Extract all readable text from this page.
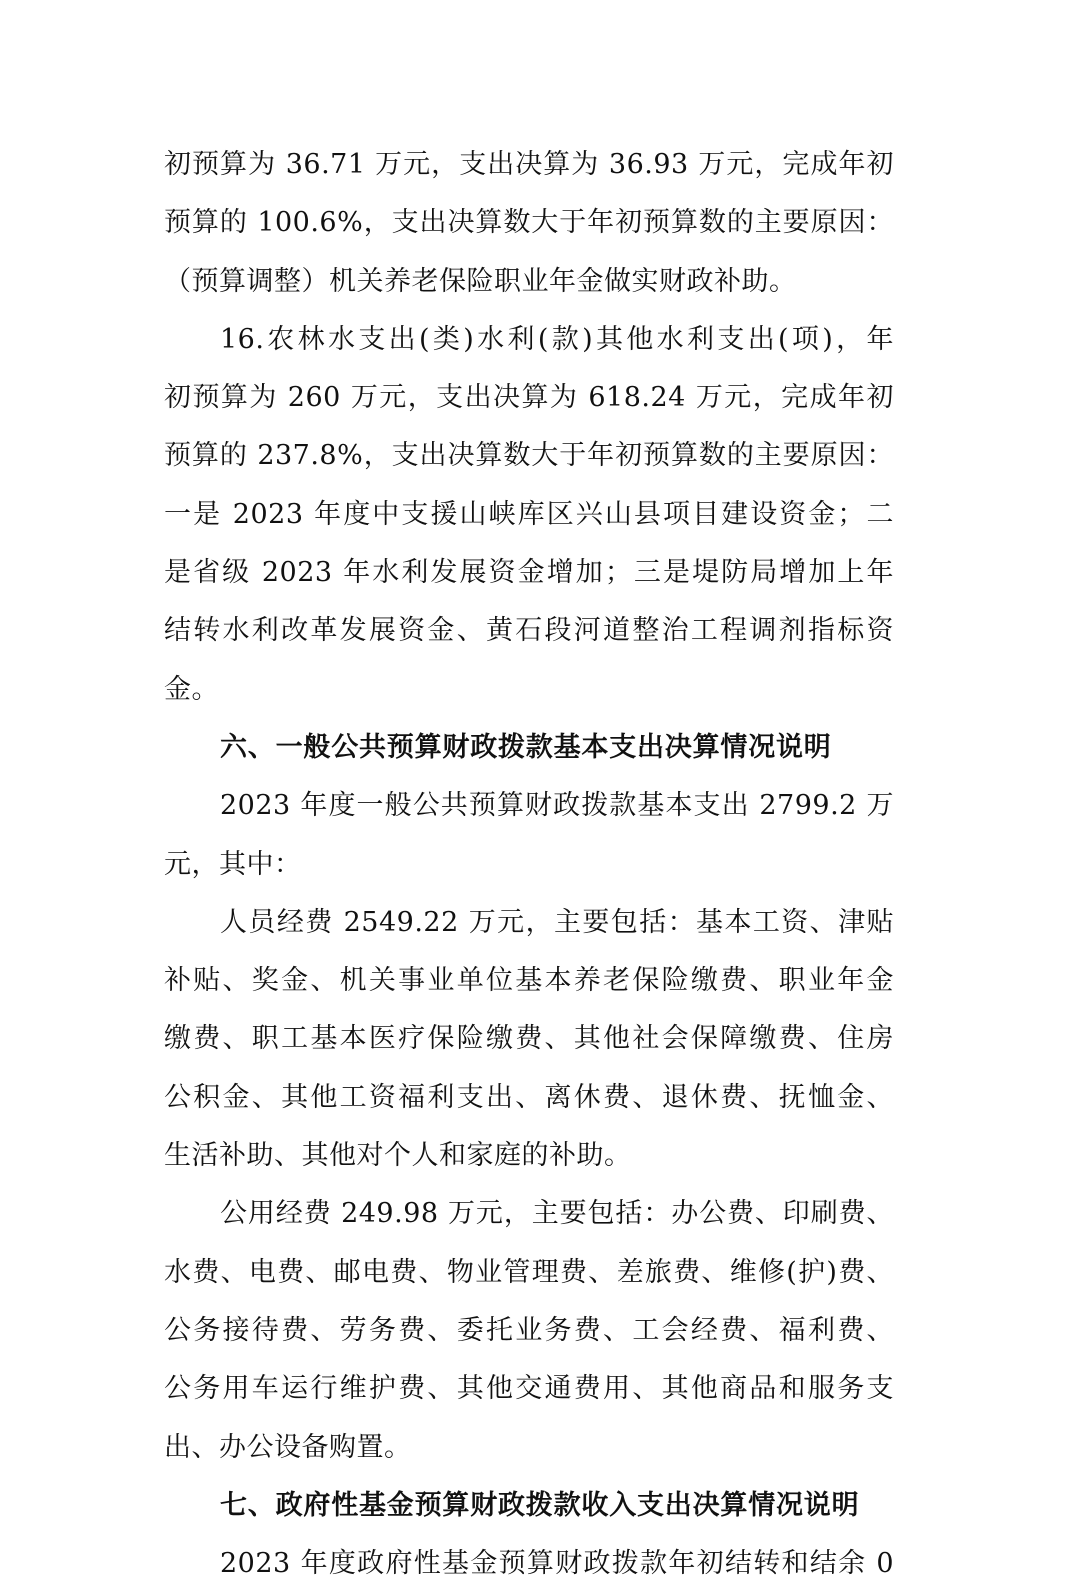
初预算为 36.71 万元，支出决算为 36.93 万元，完成年初
预算的 100.6%，支出决算数大于年初预算数的主要原因：
（预算调整）机关养老保险职业年金做实财政补助。
16.农林水支出(类)水利(款)其他水利支出(项)，年
初预算为 260 万元，支出决算为 618.24 万元，完成年初
预算的 237.8%，支出决算数大于年初预算数的主要原因：
一是 2023 年度中支援山峡库区兴山县项目建设资金；二
是省级 2023 年水利发展资金增加；三是堤防局增加上年
结转水利改革发展资金、黄石段河道整治工程调剂指标资
金。
六、一般公共预算财政拨款基本支出决算情况说明
2023 年度一般公共预算财政拨款基本支出 2799.2 万
元，其中：
人员经费 2549.22 万元，主要包括：基本工资、津贴
补贴、奖金、机关事业单位基本养老保险缴费、职业年金
缴费、职工基本医疗保险缴费、其他社会保障缴费、住房
公积金、其他工资福利支出、离休费、退休费、抚恤金、
生活补助、其他对个人和家庭的补助。
公用经费 249.98 万元，主要包括：办公费、印刷费、
水费、电费、邮电费、物业管理费、差旅费、维修(护)费、
公务接待费、劳务费、委托业务费、工会经费、福利费、
公务用车运行维护费、其他交通费用、其他商品和服务支
出、办公设备购置。
七、政府性基金预算财政拨款收入支出决算情况说明
2023 年度政府性基金预算财政拨款年初结转和结余 0
